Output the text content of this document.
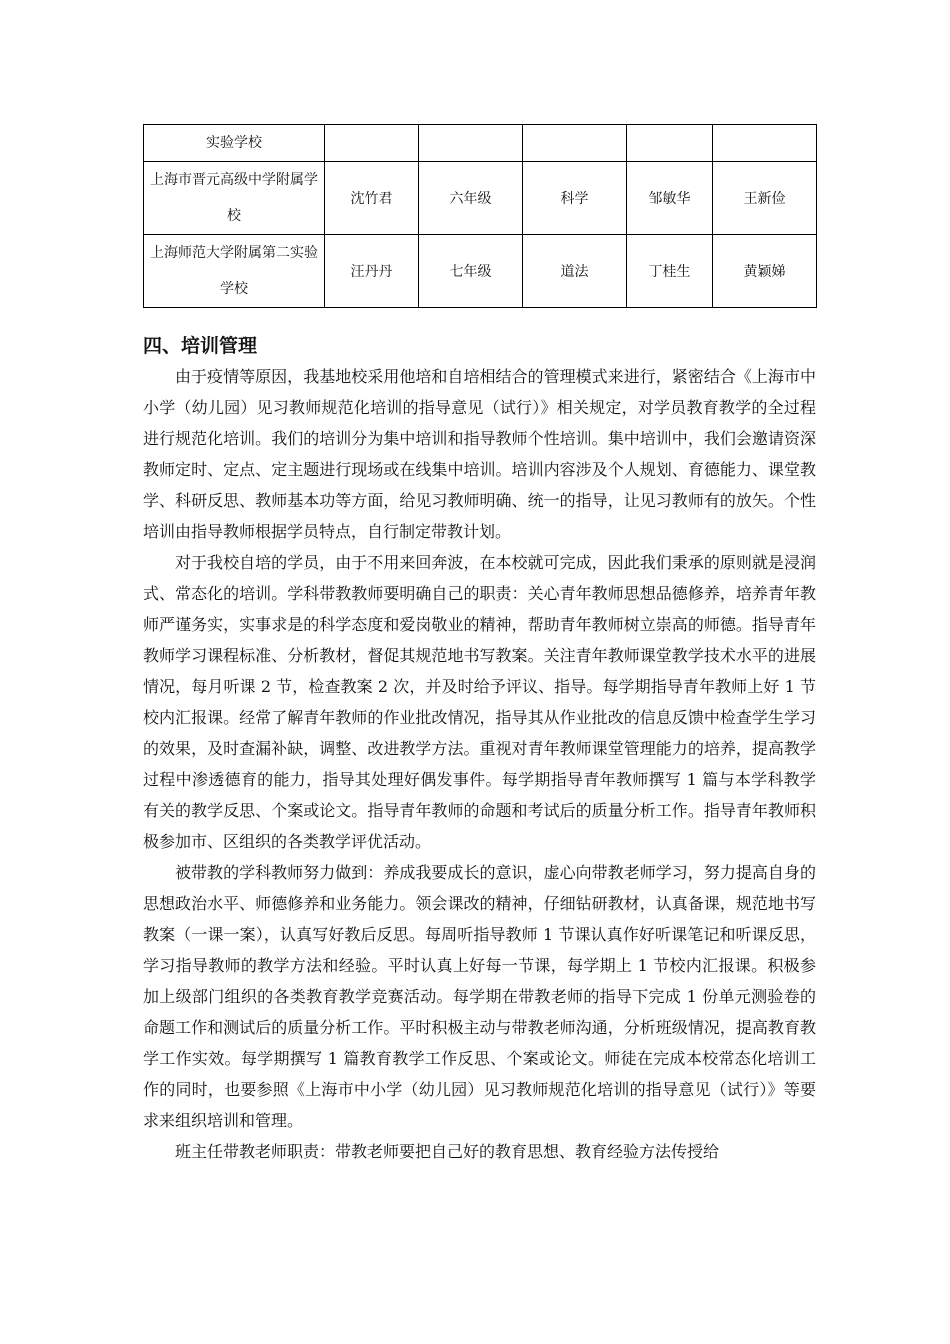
实验学校					
上海市晋元高级中学附属学校	沈竹君	六年级	科学	邹敏华	王新俭
上海师范大学附属第二实验学校	汪丹丹	七年级	道法	丁桂生	黄颖娣
四、培训管理

由于疫情等原因，我基地校采用他培和自培相结合的管理模式来进行，紧密结合《上海市中小学（幼儿园）见习教师规范化培训的指导意见（试行）》相关规定，对学员教育教学的全过程进行规范化培训。我们的培训分为集中培训和指导教师个性培训。集中培训中，我们会邀请资深教师定时、定点、定主题进行现场或在线集中培训。培训内容涉及个人规划、育德能力、课堂教学、科研反思、教师基本功等方面，给见习教师明确、统一的指导，让见习教师有的放矢。个性培训由指导教师根据学员特点，自行制定带教计划。

对于我校自培的学员，由于不用来回奔波，在本校就可完成，因此我们秉承的原则就是浸润式、常态化的培训。学科带教教师要明确自己的职责：关心青年教师思想品德修养，培养青年教师严谨务实，实事求是的科学态度和爱岗敬业的精神，帮助青年教师树立崇高的师德。指导青年教师学习课程标准、分析教材，督促其规范地书写教案。关注青年教师课堂教学技术水平的进展情况，每月听课 2 节，检查教案 2 次，并及时给予评议、指导。每学期指导青年教师上好 1 节校内汇报课。经常了解青年教师的作业批改情况，指导其从作业批改的信息反馈中检查学生学习的效果，及时查漏补缺，调整、改进教学方法。重视对青年教师课堂管理能力的培养，提高教学过程中渗透德育的能力，指导其处理好偶发事件。每学期指导青年教师撰写 1 篇与本学科教学有关的教学反思、个案或论文。指导青年教师的命题和考试后的质量分析工作。指导青年教师积极参加市、区组织的各类教学评优活动。

被带教的学科教师努力做到：养成我要成长的意识，虚心向带教老师学习，努力提高自身的思想政治水平、师德修养和业务能力。领会课改的精神，仔细钻研教材，认真备课，规范地书写教案（一课一案），认真写好教后反思。每周听指导教师 1 节课认真作好听课笔记和听课反思，学习指导教师的教学方法和经验。平时认真上好每一节课，每学期上 1 节校内汇报课。积极参加上级部门组织的各类教育教学竞赛活动。每学期在带教老师的指导下完成 1 份单元测验卷的命题工作和测试后的质量分析工作。平时积极主动与带教老师沟通，分析班级情况，提高教育教学工作实效。每学期撰写 1 篇教育教学工作反思、个案或论文。师徒在完成本校常态化培训工作的同时，也要参照《上海市中小学（幼儿园）见习教师规范化培训的指导意见（试行）》等要求来组织培训和管理。

班主任带教老师职责：带教老师要把自己好的教育思想、教育经验方法传授给
